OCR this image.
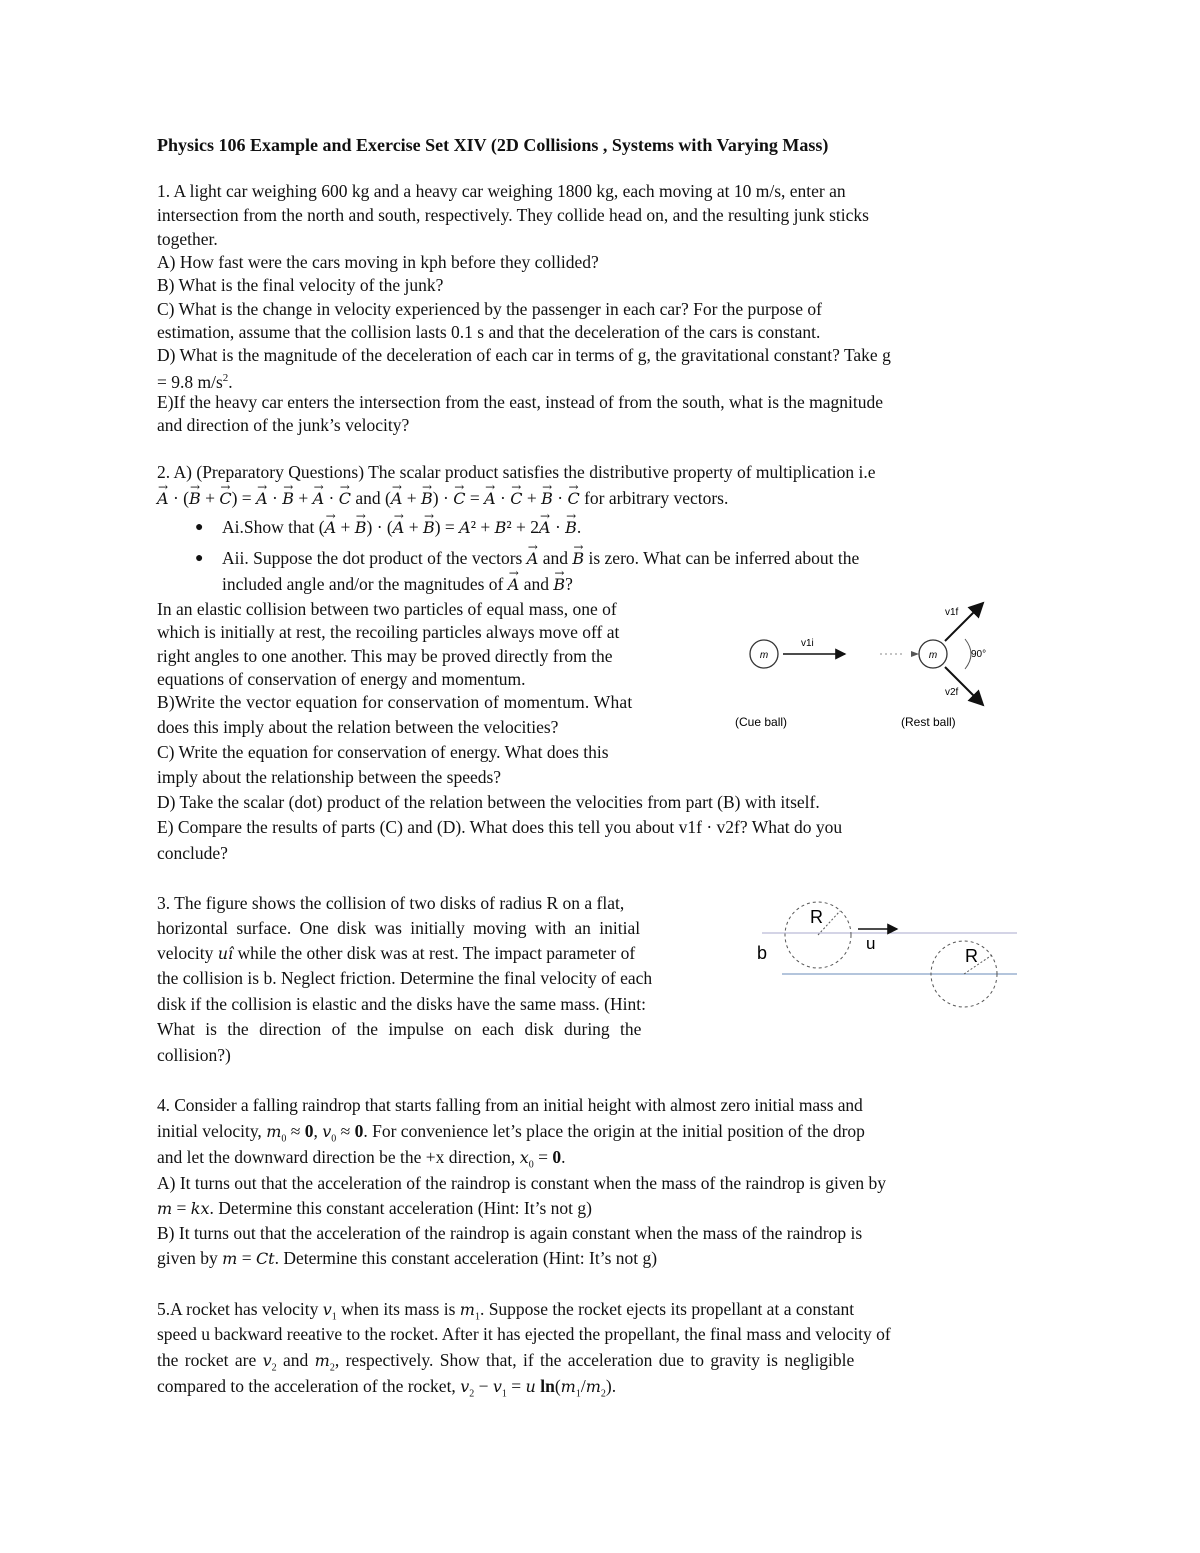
Physics 106 Example and Exercise Set XIV (2D Collisions , Systems with Varying Mass)
1. A light car weighing 600 kg and a heavy car weighing 1800 kg, each moving at 10 m/s, enter an
intersection from the north and south, respectively. They collide head on, and the resulting junk sticks
together.
A) How fast were the cars moving in kph before they collided?
B) What is the final velocity of the junk?
C) What is the change in velocity experienced by the passenger in each car? For the purpose of
estimation, assume that the collision lasts 0.1 s and that the deceleration of the cars is constant.
D) What is the magnitude of the deceleration of each car in terms of g, the gravitational constant? Take g
= 9.8 $m/s^2$.
E)If the heavy car enters the intersection from the east, instead of from the south, what is the magnitude
and direction of the junk’s velocity?
2. A) (Preparatory Questions) The scalar product satisfies the distributive property of multiplication i.e
→ A · (→ B + → C) = → A · → B + → A · → C and (→ A + → B) · → C = → A · → C + → B · → C for arbitrary vectors.
● Ai.Show that (→ A + → B) · (→ A + → B) = A² + B² + 2→ A · → B.
● Aii. Suppose the dot product of the vectors → A and → B is zero. What can be inferred about the
included angle and/or the magnitudes of → A and → B?
In an elastic collision between two particles of equal mass, one of
which is initially at rest, the recoiling particles always move off at
right angles to one another. This may be proved directly from the
equations of conservation of energy and momentum.
B)Write the vector equation for conservation of momentum. What
does this imply about the relation between the velocities?
C) Write the equation for conservation of energy. What does this
imply about the relationship between the speeds?
D) Take the scalar (dot) product of the relation between the velocities from part (B) with itself.
E) Compare the results of parts (C) and (D). What does this tell you about v1f · v2f? What do you
conclude?
m
v1i
m
v1f
v2f
90°
(Cue ball)	(Rest ball)
3. The figure shows the collision of two disks of radius R on a flat,
horizontal surface. One disk was initially moving with an initial
velocity uî while the other disk was at rest. The impact parameter of
the collision is b. Neglect friction. Determine the final velocity of each
disk if the collision is elastic and the disks have the same mass. (Hint:
What is the direction of the impulse on each disk during the
collision?)
R
u
b	R
4. Consider a falling raindrop that starts falling from an initial height with almost zero initial mass and
initial velocity, $m_0 \approx 0$, $v_0 \approx 0$. For convenience let’s place the origin at the initial position of the drop
and let the downward direction be the +x direction, $x_0 = 0$.
A) It turns out that the acceleration of the raindrop is constant when the mass of the raindrop is given by
m = kx. Determine this constant acceleration (Hint: It’s not g)
B) It turns out that the acceleration of the raindrop is again constant when the mass of the raindrop is
given by m = Ct. Determine this constant acceleration (Hint: It’s not g)
5.A rocket has velocity $v_1$ when its mass is $m_1$. Suppose the rocket ejects its propellant at a constant
speed u backward reeative to the rocket. After it has ejected the propellant, the final mass and velocity of
the rocket are $v_2$ and $m_2$, respectively. Show that, if the acceleration due to gravity is negligible
compared to the acceleration of the rocket, $v_2 - v_1 = u$ $\ln(m_1/m_2)$.
